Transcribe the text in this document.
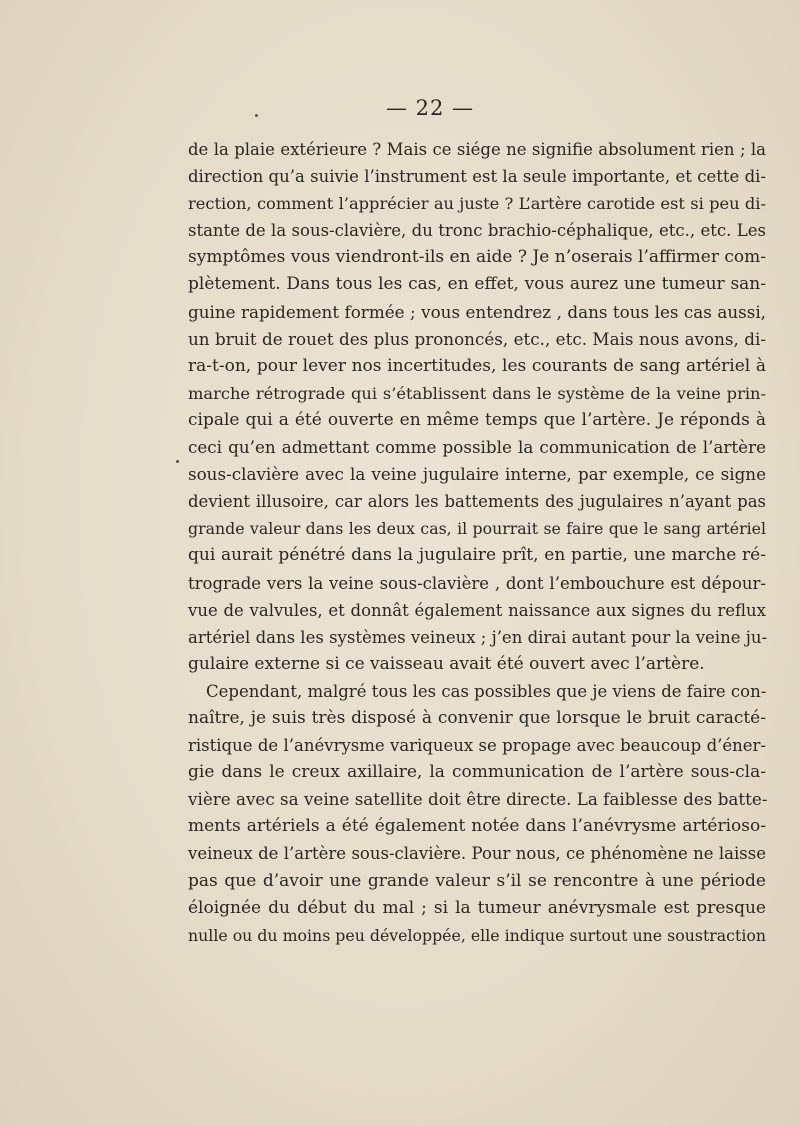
— 22 —
de la plaie extérieure ? Mais ce siége ne signifie absolument rien ; la
direction qu’a suivie l’instrument est la seule importante, et cette di-
rection, comment l’apprécier au juste ? L’artère carotide est si peu di-
stante de la sous-clavière, du tronc brachio-céphalique, etc., etc. Les
symptômes vous viendront-ils en aide ? Je n’oserais l’affirmer com-
plètement. Dans tous les cas, en effet, vous aurez une tumeur san-
guine rapidement formée ; vous entendrez , dans tous les cas aussi,
un bruit de rouet des plus prononcés, etc., etc. Mais nous avons, di-
ra-t-on, pour lever nos incertitudes, les courants de sang artériel à
marche rétrograde qui s’établissent dans le système de la veine prin-
cipale qui a été ouverte en même temps que l’artère. Je réponds à
ceci qu’en admettant comme possible la communication de l’artère
sous-clavière avec la veine jugulaire interne, par exemple, ce signe
devient illusoire, car alors les battements des jugulaires n’ayant pas
grande valeur dans les deux cas, il pourrait se faire que le sang artériel
qui aurait pénétré dans la jugulaire prît, en partie, une marche ré-
trograde vers la veine sous-clavière , dont l’embouchure est dépour-
vue de valvules, et donnât également naissance aux signes du reflux
artériel dans les systèmes veineux ; j’en dirai autant pour la veine ju-
gulaire externe si ce vaisseau avait été ouvert avec l’artère.
Cependant, malgré tous les cas possibles que je viens de faire con-
naître, je suis très disposé à convenir que lorsque le bruit caracté-
ristique de l’anévrysme variqueux se propage avec beaucoup d’éner-
gie dans le creux axillaire, la communication de l’artère sous-cla-
vière avec sa veine satellite doit être directe. La faiblesse des batte-
ments artériels a été également notée dans l’anévrysme artérioso-
veineux de l’artère sous-clavière. Pour nous, ce phénomène ne laisse
pas que d’avoir une grande valeur s’il se rencontre à une période
éloignée du début du mal ; si la tumeur anévrysmale est presque
nulle ou du moins peu développée, elle indique surtout une soustraction
